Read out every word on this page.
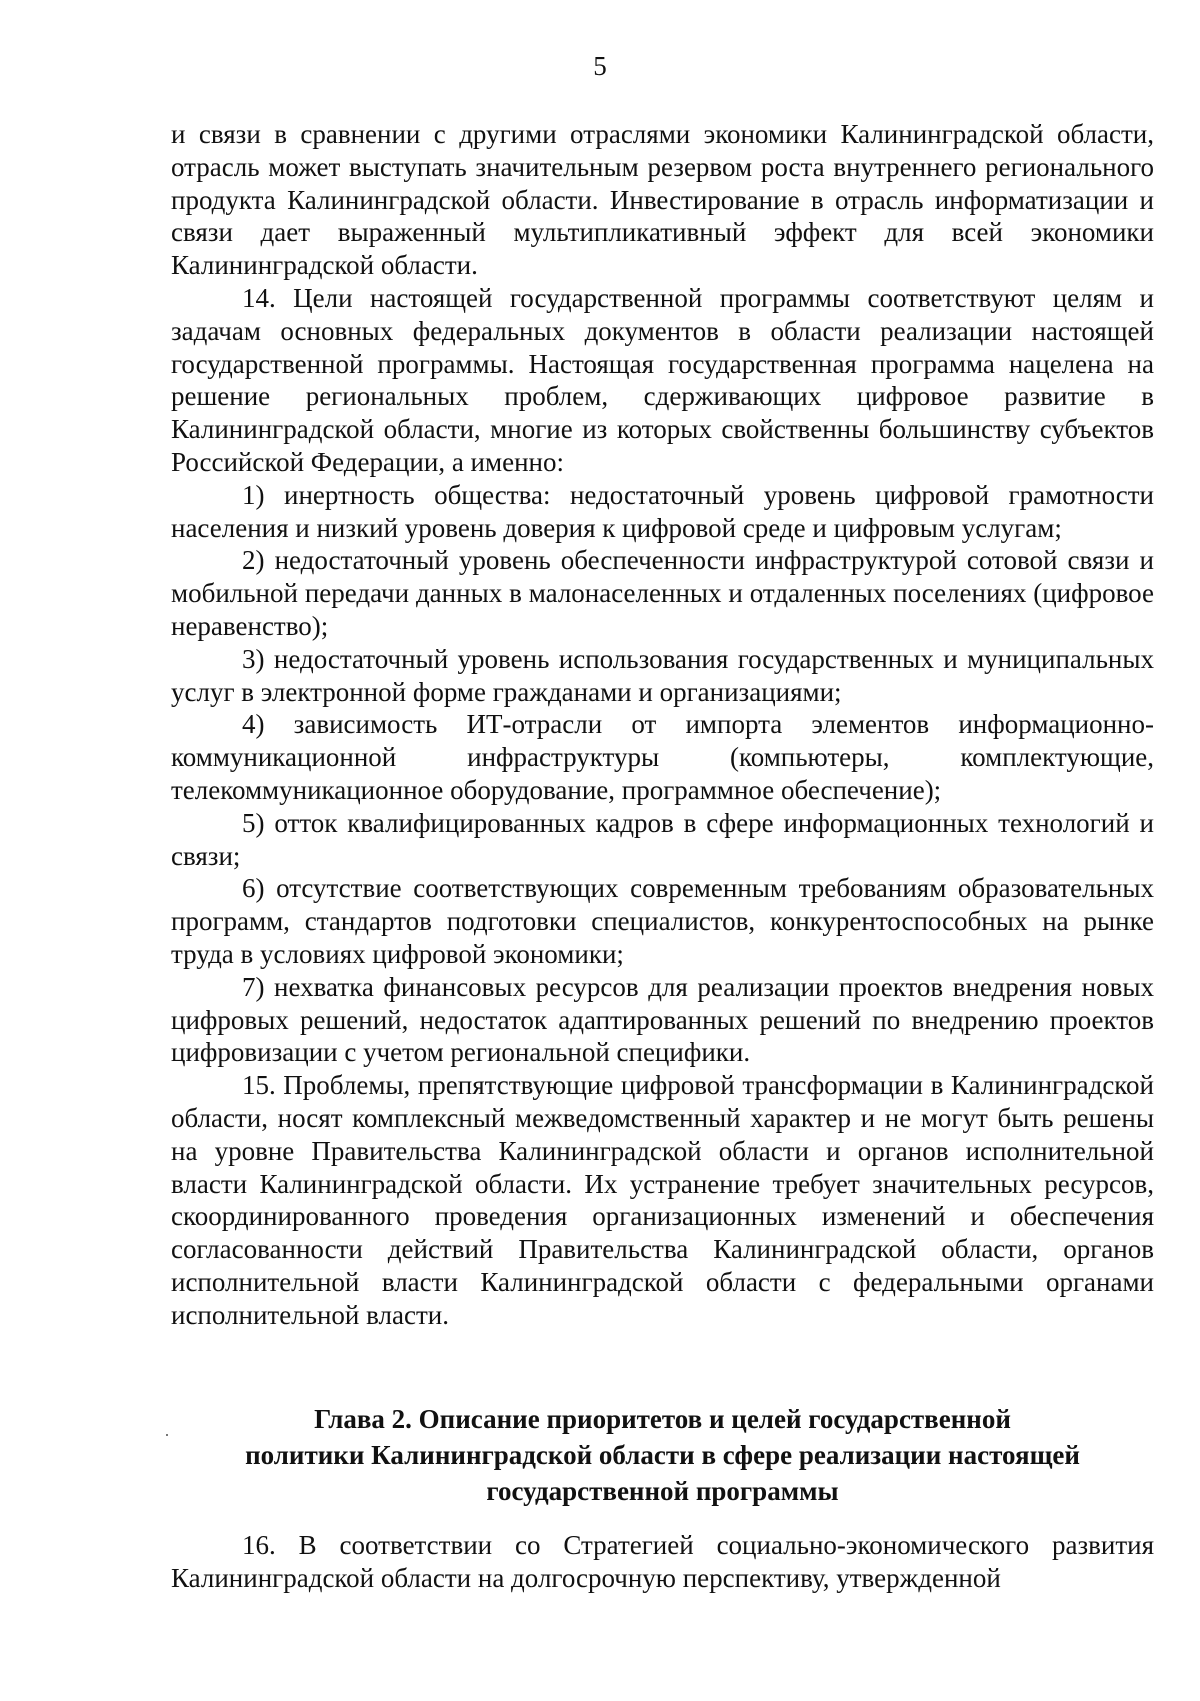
5

и связи в сравнении с другими отраслями экономики Калининградской области, отрасль может выступать значительным резервом роста внутреннего регионального продукта Калининградской области. Инвестирование в отрасль информатизации и связи дает выраженный мультипликативный эффект для всей экономики Калининградской области.

14. Цели настоящей государственной программы соответствуют целям и задачам основных федеральных документов в области реализации настоящей государственной программы. Настоящая государственная программа нацелена на решение региональных проблем, сдерживающих цифровое развитие в Калининградской области, многие из которых свойственны большинству субъектов Российской Федерации, а именно:

1) инертность общества: недостаточный уровень цифровой грамотности населения и низкий уровень доверия к цифровой среде и цифровым услугам;

2) недостаточный уровень обеспеченности инфраструктурой сотовой связи и мобильной передачи данных в малонаселенных и отдаленных поселениях (цифровое неравенство);

3) недостаточный уровень использования государственных и муниципальных услуг в электронной форме гражданами и организациями;

4) зависимость ИТ-отрасли от импорта элементов информационно-коммуникационной инфраструктуры (компьютеры, комплектующие, телекоммуникационное оборудование, программное обеспечение);

5) отток квалифицированных кадров в сфере информационных технологий и связи;

6) отсутствие соответствующих современным требованиям образовательных программ, стандартов подготовки специалистов, конкурентоспособных на рынке труда в условиях цифровой экономики;

7) нехватка финансовых ресурсов для реализации проектов внедрения новых цифровых решений, недостаток адаптированных решений по внедрению проектов цифровизации с учетом региональной специфики.

15. Проблемы, препятствующие цифровой трансформации в Калининградской области, носят комплексный межведомственный характер и не могут быть решены на уровне Правительства Калининградской области и органов исполнительной власти Калининградской области. Их устранение требует значительных ресурсов, скоординированного проведения организационных изменений и обеспечения согласованности действий Правительства Калининградской области, органов исполнительной власти Калининградской области с федеральными органами исполнительной власти.

Глава 2. Описание приоритетов и целей государственной
политики Калининградской области в сфере реализации настоящей
государственной программы

16. В соответствии со Стратегией социально-экономического развития Калининградской области на долгосрочную перспективу, утвержденной
